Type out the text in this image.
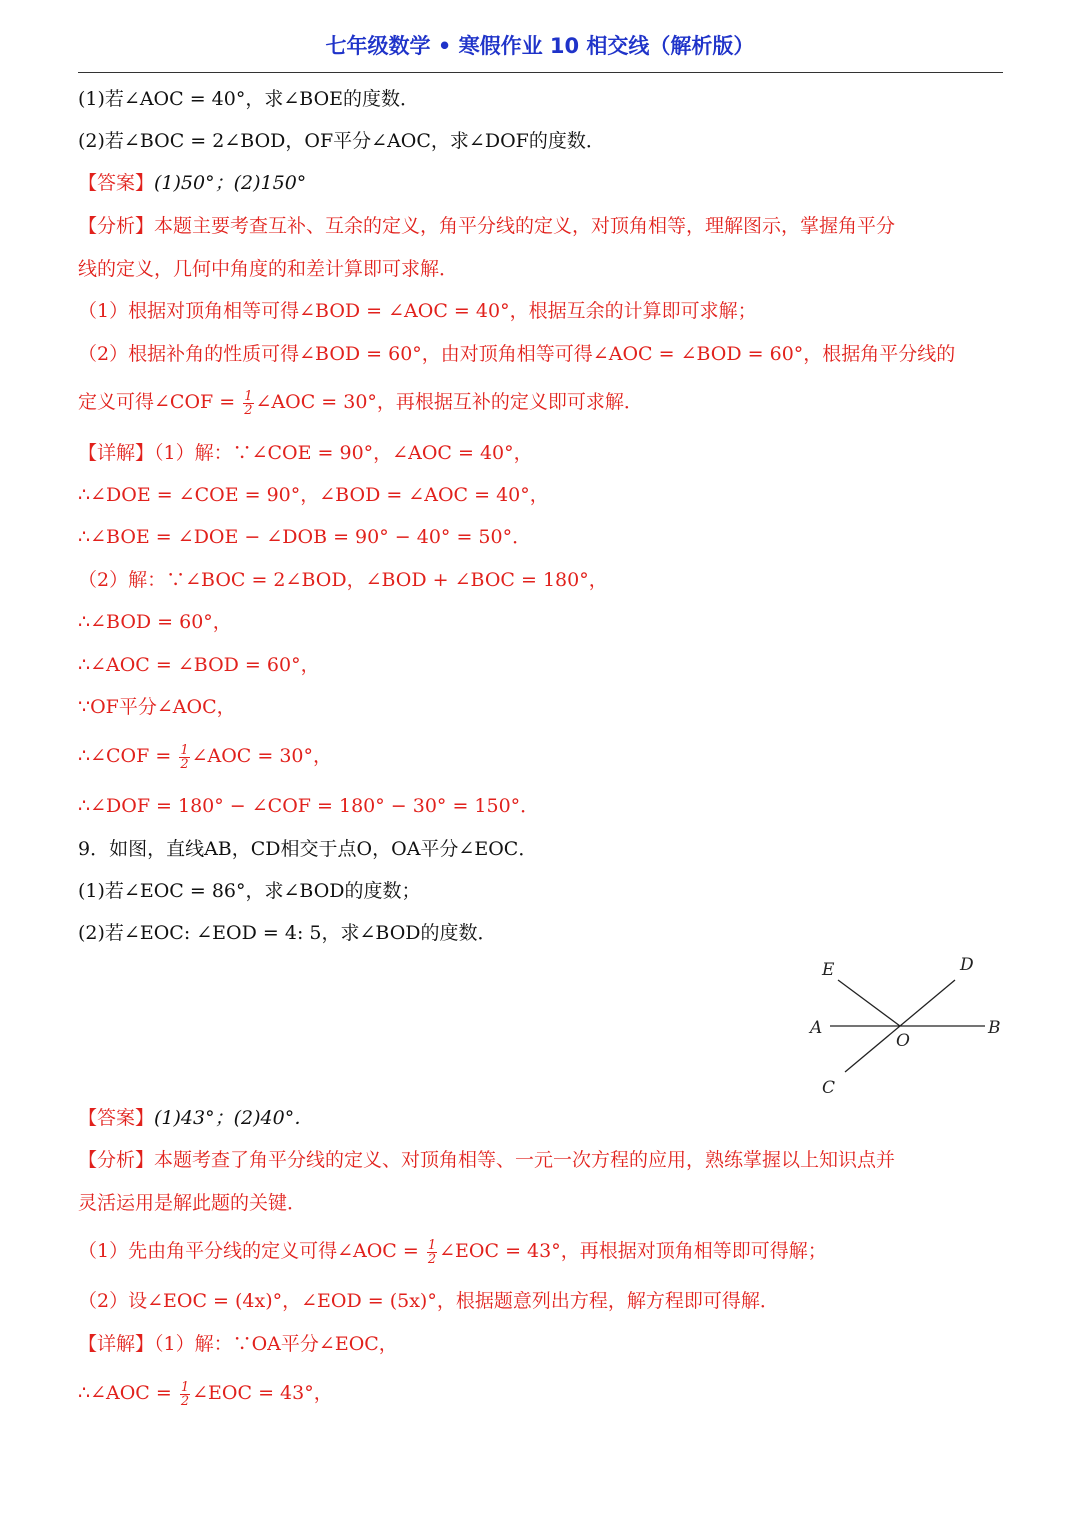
七年级数学 • 寒假作业 10 相交线（解析版）
(1)若∠AOC = 40°，求∠BOE的度数．
(2)若∠BOC = 2∠BOD，OF平分∠AOC，求∠DOF的度数．
【答案】(1)50°；(2)150°
【分析】本题主要考查互补、互余的定义，角平分线的定义，对顶角相等，理解图示，掌握角平分
线的定义，几何中角度的和差计算即可求解．
（1）根据对顶角相等可得∠BOD = ∠AOC = 40°，根据互余的计算即可求解；
（2）根据补角的性质可得∠BOD = 60°，由对顶角相等可得∠AOC = ∠BOD = 60°，根据角平分线的
定义可得∠COF = $\frac{1}{2}$ ∠AOC = 30°，再根据互补的定义即可求解．
【详解】（1）解：∵∠COE = 90°，∠AOC = 40°，
∴∠DOE = ∠COE = 90°，∠BOD = ∠AOC = 40°，
∴∠BOE = ∠DOE − ∠DOB = 90° − 40° = 50°．
（2）解：∵∠BOC = 2∠BOD，∠BOD + ∠BOC = 180°，
∴∠BOD = 60°，
∴∠AOC = ∠BOD = 60°，
∵OF平分∠AOC，
∴∠COF = $\frac{1}{2}$ ∠AOC = 30°，
∴∠DOF = 180° − ∠COF = 180° − 30° = 150°．
9．如图，直线AB，CD相交于点O，OA平分∠EOC．
(1)若∠EOC = 86°，求∠BOD的度数；
(2)若∠EOC: ∠EOD = 4: 5，求∠BOD的度数．
E	D
A	B
O
C
【答案】(1)43°；(2)40°．
【分析】本题考查了角平分线的定义、对顶角相等、一元一次方程的应用，熟练掌握以上知识点并
灵活运用是解此题的关键．
（1）先由角平分线的定义可得∠AOC = $\frac{1}{2}$ ∠EOC = 43°，再根据对顶角相等即可得解；
（2）设∠EOC = (4x)°，∠EOD = (5x)°，根据题意列出方程，解方程即可得解．
【详解】（1）解：∵OA平分∠EOC，
∴∠AOC = $\frac{1}{2}$ ∠EOC = 43°，
